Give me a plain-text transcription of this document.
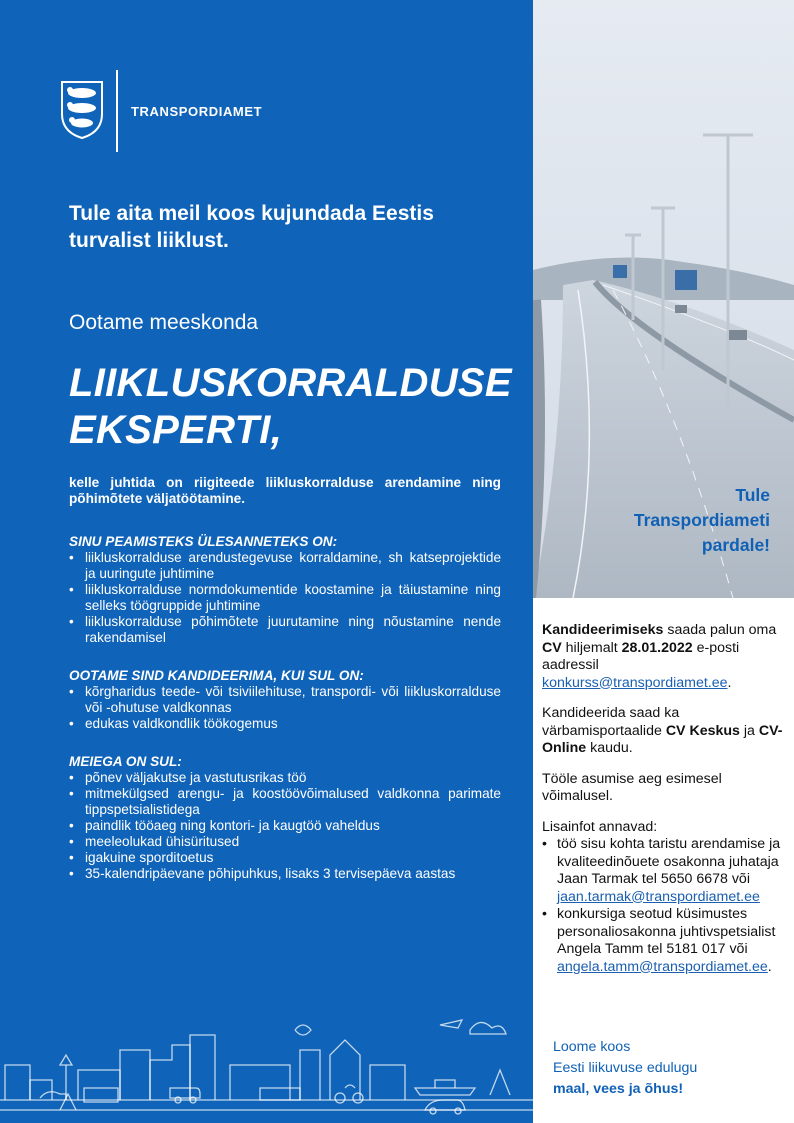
TRANSPORDIAMET
Tule aita meil koos kujundada Eestis turvalist liiklust.
Ootame meeskonda
LIIKLUSKORRALDUSE
EKSPERTI,
kelle juhtida on riigiteede liikluskorralduse arendamine ning põhimõtete väljatöötamine.
SINU PEAMISTEKS ÜLESANNETEKS ON:
• liikluskorralduse arendustegevuse korraldamine, sh katseprojektide ja uuringute juhtimine
• liikluskorralduse normdokumentide koostamine ja täiustamine ning selleks töögruppide juhtimine
• liikluskorralduse põhimõtete juurutamine ning nõustamine nende rakendamisel
OOTAME SIND KANDIDEERIMA, KUI SUL ON:
• kõrgharidus teede- või tsiviilehituse, transpordi- või liikluskorralduse või -ohutuse valdkonnas
• edukas valdkondlik töökogemus
MEIEGA ON SUL:
• põnev väljakutse ja vastutusrikas töö
• mitmekülgsed arengu- ja koostöövõimalused valdkonna parimate tippspetsialistidega
• paindlik tööaeg ning kontori- ja kaugtöö vaheldus
• meeleolukad ühisüritused
• igakuine sporditoetus
• 35-kalendripäevane põhipuhkus, lisaks 3 tervisepäeva aastas
Tule
Transpordiameti
pardale!

Kandideerimiseks saada palun oma CV hiljemalt 28.01.2022 e-posti aadressil konkurss@transpordiamet.ee.

Kandideerida saad ka värbamisportaalide CV Keskus ja CV-Online kaudu.

Tööle asumise aeg esimesel võimalusel.

Lisainfot annavad:

• töö sisu kohta taristu arendamise ja kvaliteedinõuete osakonna juhataja Jaan Tarmak tel 5650 6678 või jaan.tarmak@transpordiamet.ee
• konkursiga seotud küsimustes personaliosakonna juhtivspetsialist Angela Tamm tel 5181 017 või angela.tamm@transpordiamet.ee.
Loome koos
Eesti liikuvuse edulugu
maal, vees ja õhus!
